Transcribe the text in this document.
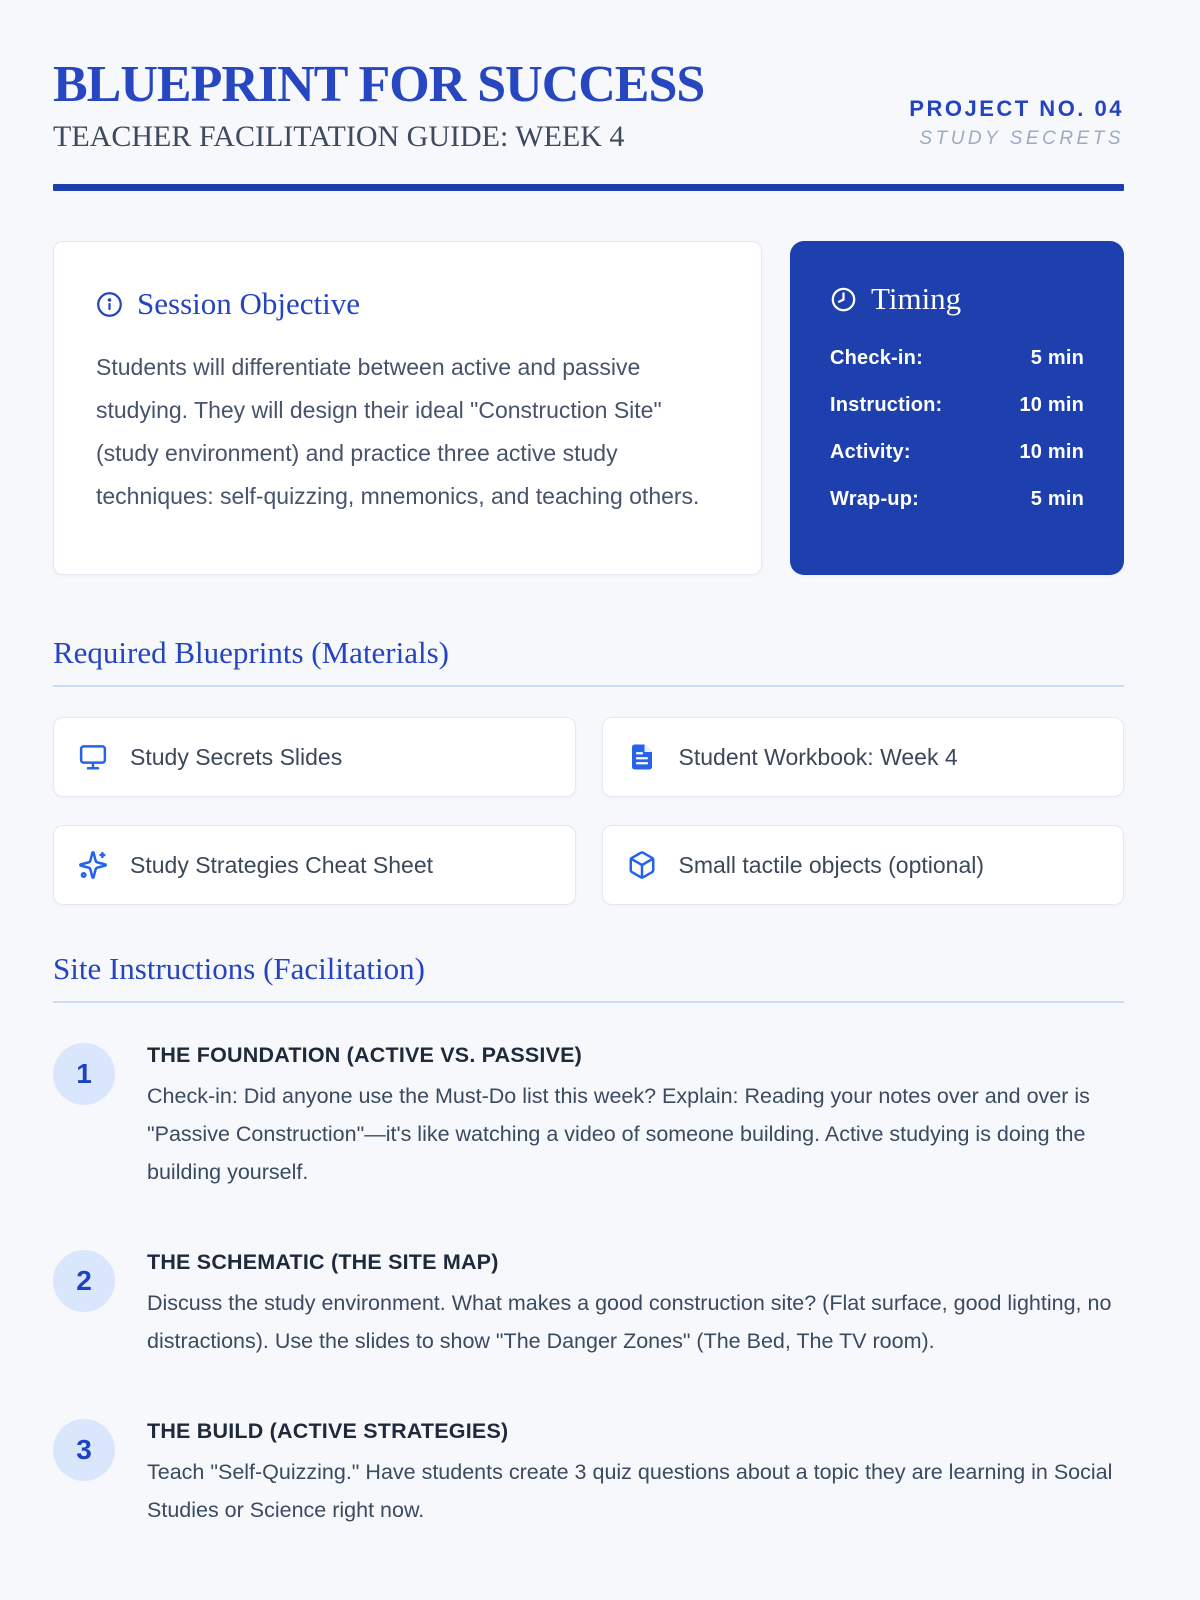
BLUEPRINT FOR SUCCESS
TEACHER FACILITATION GUIDE: WEEK 4
PROJECT NO. 04
STUDY SECRETS
Session Objective

Students will differentiate between active and passive studying. They will design their ideal "Construction Site" (study environment) and practice three active study techniques: self-quizzing, mnemonics, and teaching others.

Timing
Check-in:	5 min
Instruction:	10 min
Activity:	10 min
Wrap-up:	5 min
Required Blueprints (Materials)
Study Secrets Slides	Student Workbook: Week 4
Study Strategies Cheat Sheet	Small tactile objects (optional)
Site Instructions (Facilitation)
1
THE FOUNDATION (ACTIVE VS. PASSIVE)
Check-in: Did anyone use the Must-Do list this week? Explain: Reading your notes over and over is "Passive Construction"—it's like watching a video of someone building. Active studying is doing the building yourself.
2
THE SCHEMATIC (THE SITE MAP)
Discuss the study environment. What makes a good construction site? (Flat surface, good lighting, no distractions). Use the slides to show "The Danger Zones" (The Bed, The TV room).
3
THE BUILD (ACTIVE STRATEGIES)
Teach "Self-Quizzing." Have students create 3 quiz questions about a topic they are learning in Social Studies or Science right now.
